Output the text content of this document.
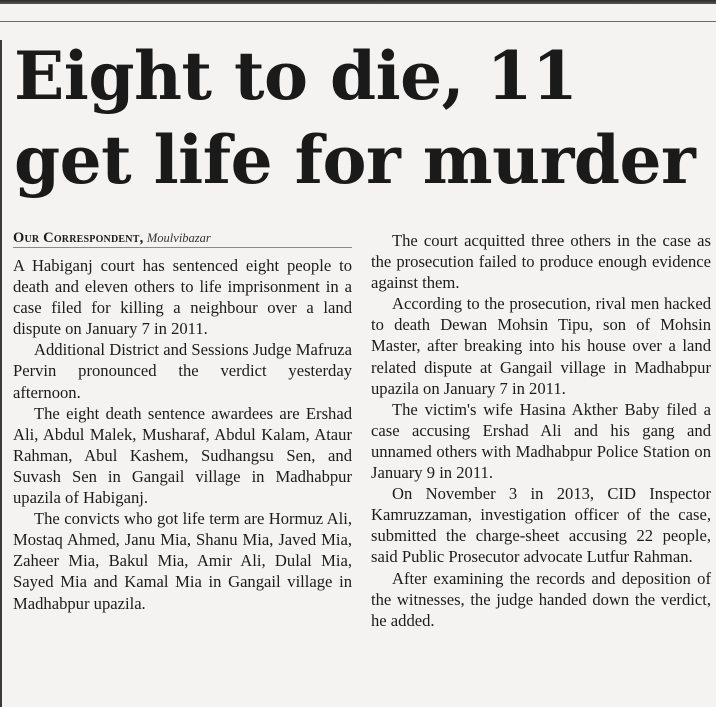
Eight to die, 11 get life for murder
Our Correspondent, Moulvibazar

A Habiganj court has sentenced eight people to death and eleven others to life imprisonment in a case filed for killing a neighbour over a land dispute on January 7 in 2011.

Additional District and Sessions Judge Mafruza Pervin pronounced the verdict yesterday afternoon.

The eight death sentence awardees are Ershad Ali, Abdul Malek, Musharaf, Abdul Kalam, Ataur Rahman, Abul Kashem, Sudhangsu Sen, and Suvash Sen in Gangail village in Madhabpur upazila of Habiganj.

The convicts who got life term are Hormuz Ali, Mostaq Ahmed, Janu Mia, Shanu Mia, Javed Mia, Zaheer Mia, Bakul Mia, Amir Ali, Dulal Mia, Sayed Mia and Kamal Mia in Gangail village in Madhabpur upazila.

The court acquitted three others in the case as the prosecution failed to produce enough evidence against them.

According to the prosecution, rival men hacked to death Dewan Mohsin Tipu, son of Mohsin Master, after breaking into his house over a land related dispute at Gangail village in Madhabpur upazila on January 7 in 2011.

The victim's wife Hasina Akther Baby filed a case accusing Ershad Ali and his gang and unnamed others with Madhabpur Police Station on January 9 in 2011.

On November 3 in 2013, CID Inspector Kamruzzaman, investigation officer of the case, submitted the charge-sheet accusing 22 people, said Public Prosecutor advocate Lutfur Rahman.

After examining the records and deposition of the witnesses, the judge handed down the verdict, he added.
